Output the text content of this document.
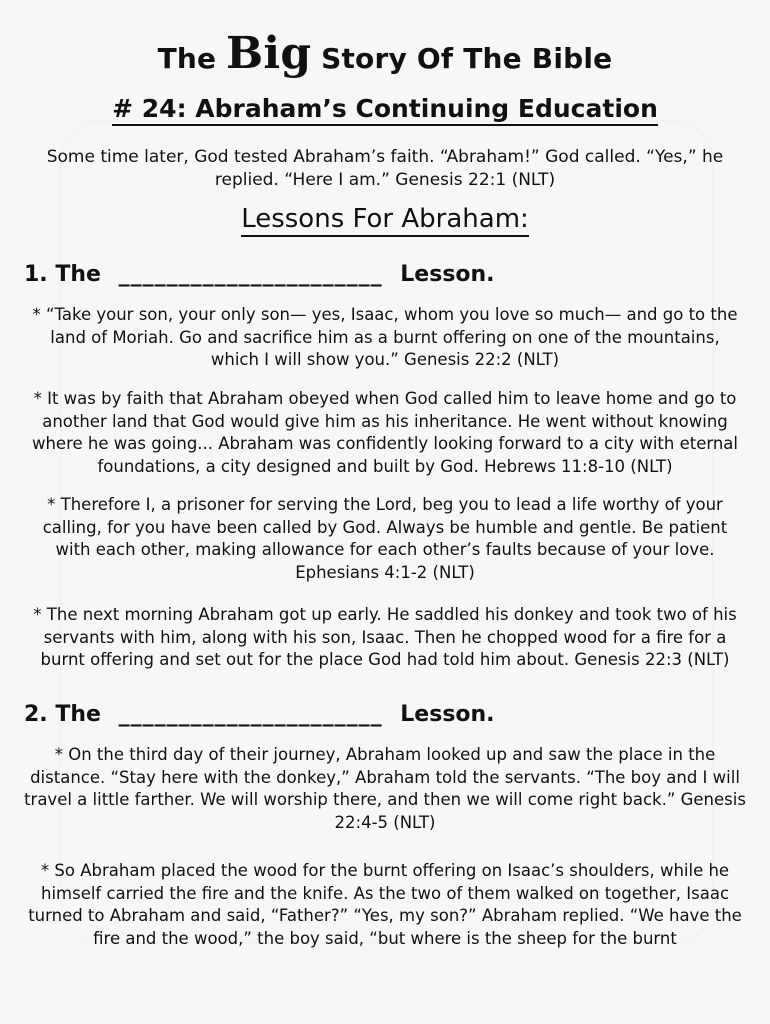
The Big Story Of The Bible
# 24: Abraham’s Continuing Education
Some time later, God tested Abraham’s faith. “Abraham!” God called. “Yes,” he replied. “Here I am.” Genesis 22:1 (NLT)
Lessons For Abraham:
1. The ______________________ Lesson.
* “Take your son, your only son— yes, Isaac, whom you love so much— and go to the land of Moriah. Go and sacrifice him as a burnt offering on one of the mountains, which I will show you.” Genesis 22:2 (NLT)
* It was by faith that Abraham obeyed when God called him to leave home and go to another land that God would give him as his inheritance. He went without knowing where he was going... Abraham was confidently looking forward to a city with eternal foundations, a city designed and built by God. Hebrews 11:8-10 (NLT)
* Therefore I, a prisoner for serving the Lord, beg you to lead a life worthy of your calling, for you have been called by God. Always be humble and gentle. Be patient with each other, making allowance for each other’s faults because of your love. Ephesians 4:1-2 (NLT)
* The next morning Abraham got up early. He saddled his donkey and took two of his servants with him, along with his son, Isaac. Then he chopped wood for a fire for a burnt offering and set out for the place God had told him about. Genesis 22:3 (NLT)
2. The ______________________ Lesson.
* On the third day of their journey, Abraham looked up and saw the place in the distance. “Stay here with the donkey,” Abraham told the servants. “The boy and I will travel a little farther. We will worship there, and then we will come right back.” Genesis 22:4-5 (NLT)
* So Abraham placed the wood for the burnt offering on Isaac’s shoulders, while he himself carried the fire and the knife. As the two of them walked on together, Isaac turned to Abraham and said, “Father?” “Yes, my son?” Abraham replied. “We have the fire and the wood,” the boy said, “but where is the sheep for the burnt
